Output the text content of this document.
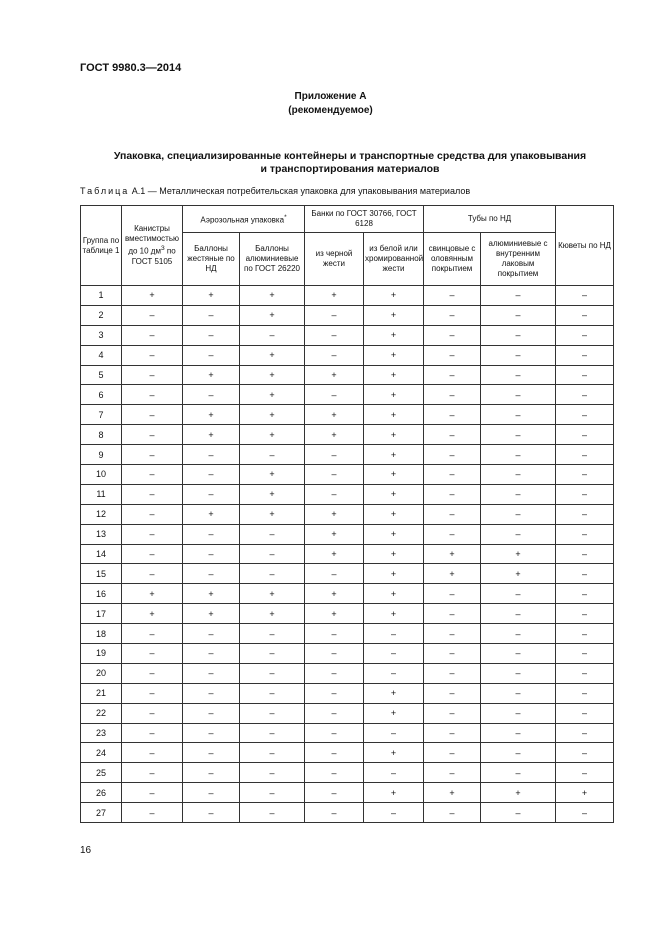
ГОСТ 9980.3—2014
Приложение А
(рекомендуемое)
Упаковка, специализированные контейнеры и транспортные средства для упаковывания
и транспортирования материалов
Таблица А.1 — Металлическая потребительская упаковка для упаковывания материалов
Группа по таблице 1	Канистры вместимостью до 10 $дм^3$ по ГОСТ 5105	Аэрозольная упаковка*		Банки по ГОСТ 30766, ГОСТ 6128		Тубы по НД		Кюветы по НД
		Баллоны жестяные по НД	Баллоны алюминиевые по ГОСТ 26220	из черной жести	из белой или хромированной жести	свинцовые с оловянным покрытием	алюминиевые с внутренним лаковым покрытием	
1	+	+	+	+	+	–	–	–
2	–	–	+	–	+	–	–	–
3	–	–	–	–	+	–	–	–
4	–	–	+	–	+	–	–	–
5	–	+	+	+	+	–	–	–
6	–	–	+	–	+	–	–	–
7	–	+	+	+	+	–	–	–
8	–	+	+	+	+	–	–	–
9	–	–	–	–	+	–	–	–
10	–	–	+	–	+	–	–	–
11	–	–	+	–	+	–	–	–
12	–	+	+	+	+	–	–	–
13	–	–	–	+	+	–	–	–
14	–	–	–	+	+	+	+	–
15	–	–	–	–	+	+	+	–
16	+	+	+	+	+	–	–	–
17	+	+	+	+	+	–	–	–
18	–	–	–	–	–	–	–	–
19	–	–	–	–	–	–	–	–
20	–	–	–	–	–	–	–	–
21	–	–	–	–	+	–	–	–
22	–	–	–	–	+	–	–	–
23	–	–	–	–	–	–	–	–
24	–	–	–	–	+	–	–	–
25	–	–	–	–	–	–	–	–
26	–	–	–	–	+	+	+	+
27	–	–	–	–	–	–	–	–
16
